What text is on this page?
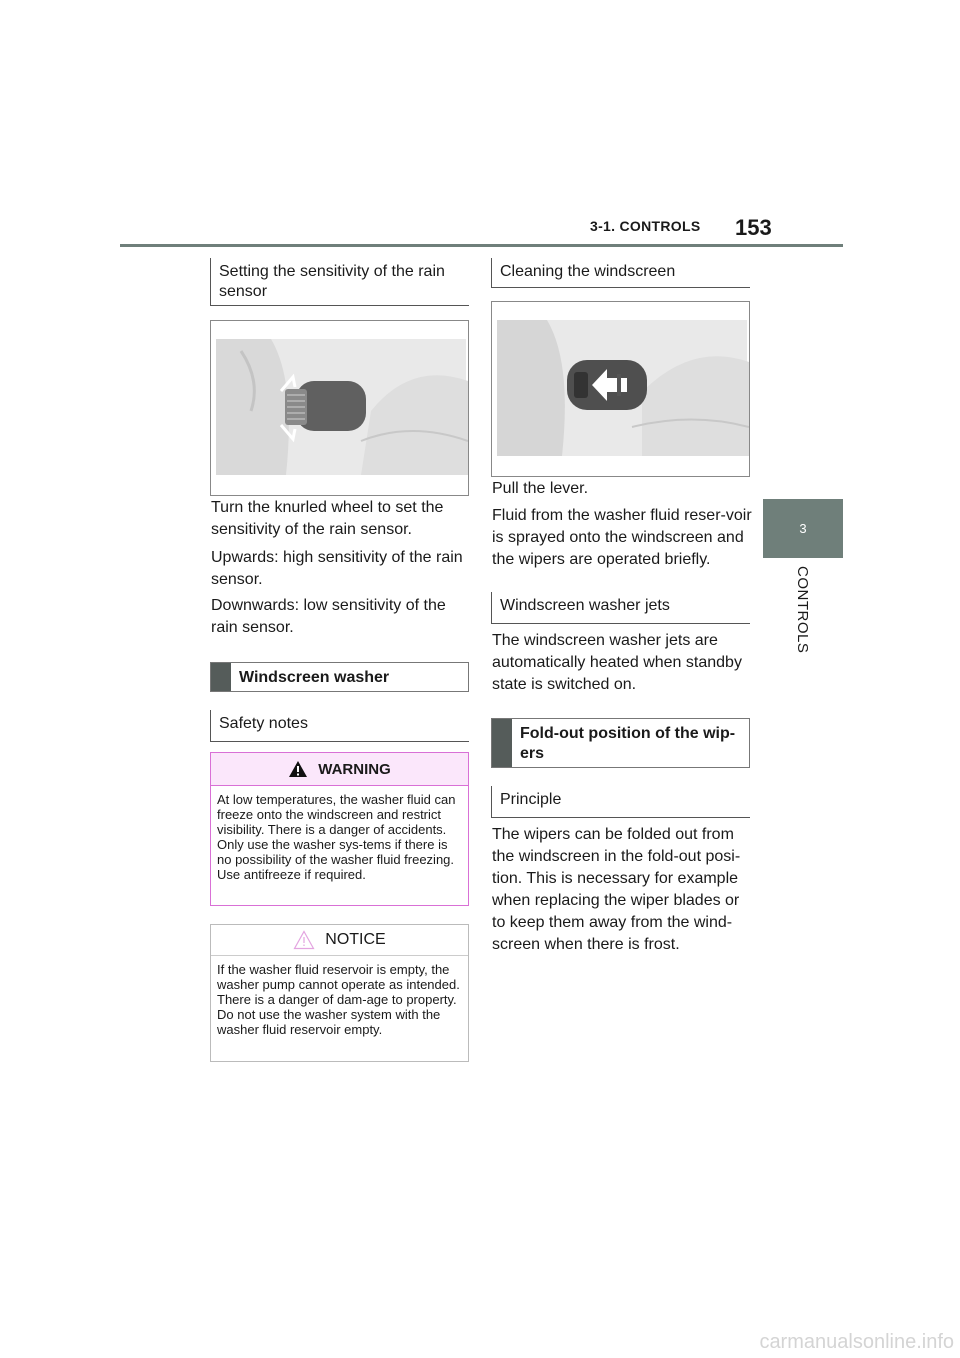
3-1. CONTROLS 153
3
CONTROLS
Setting the sensitivity of the rain sensor
Turn the knurled wheel to set the sensitivity of the rain sensor.
Upwards: high sensitivity of the rain sensor.
Downwards: low sensitivity of the rain sensor.
Windscreen washer
Safety notes
WARNING
At low temperatures, the washer fluid can freeze onto the windscreen and restrict visibility. There is a danger of accidents. Only use the washer sys-tems if there is no possibility of the washer fluid freezing. Use antifreeze if required.
NOTICE
If the washer fluid reservoir is empty, the washer pump cannot operate as intended. There is a danger of dam-age to property. Do not use the washer system with the washer fluid reservoir empty.
Cleaning the windscreen
Pull the lever.
Fluid from the washer fluid reser-voir is sprayed onto the windscreen and the wipers are operated briefly.
Windscreen washer jets
The windscreen washer jets are automatically heated when standby state is switched on.
Fold-out position of the wip-ers
Principle
The wipers can be folded out from the windscreen in the fold-out posi-tion. This is necessary for example when replacing the wiper blades or to keep them away from the wind-screen when there is frost.
carmanualsonline.info
